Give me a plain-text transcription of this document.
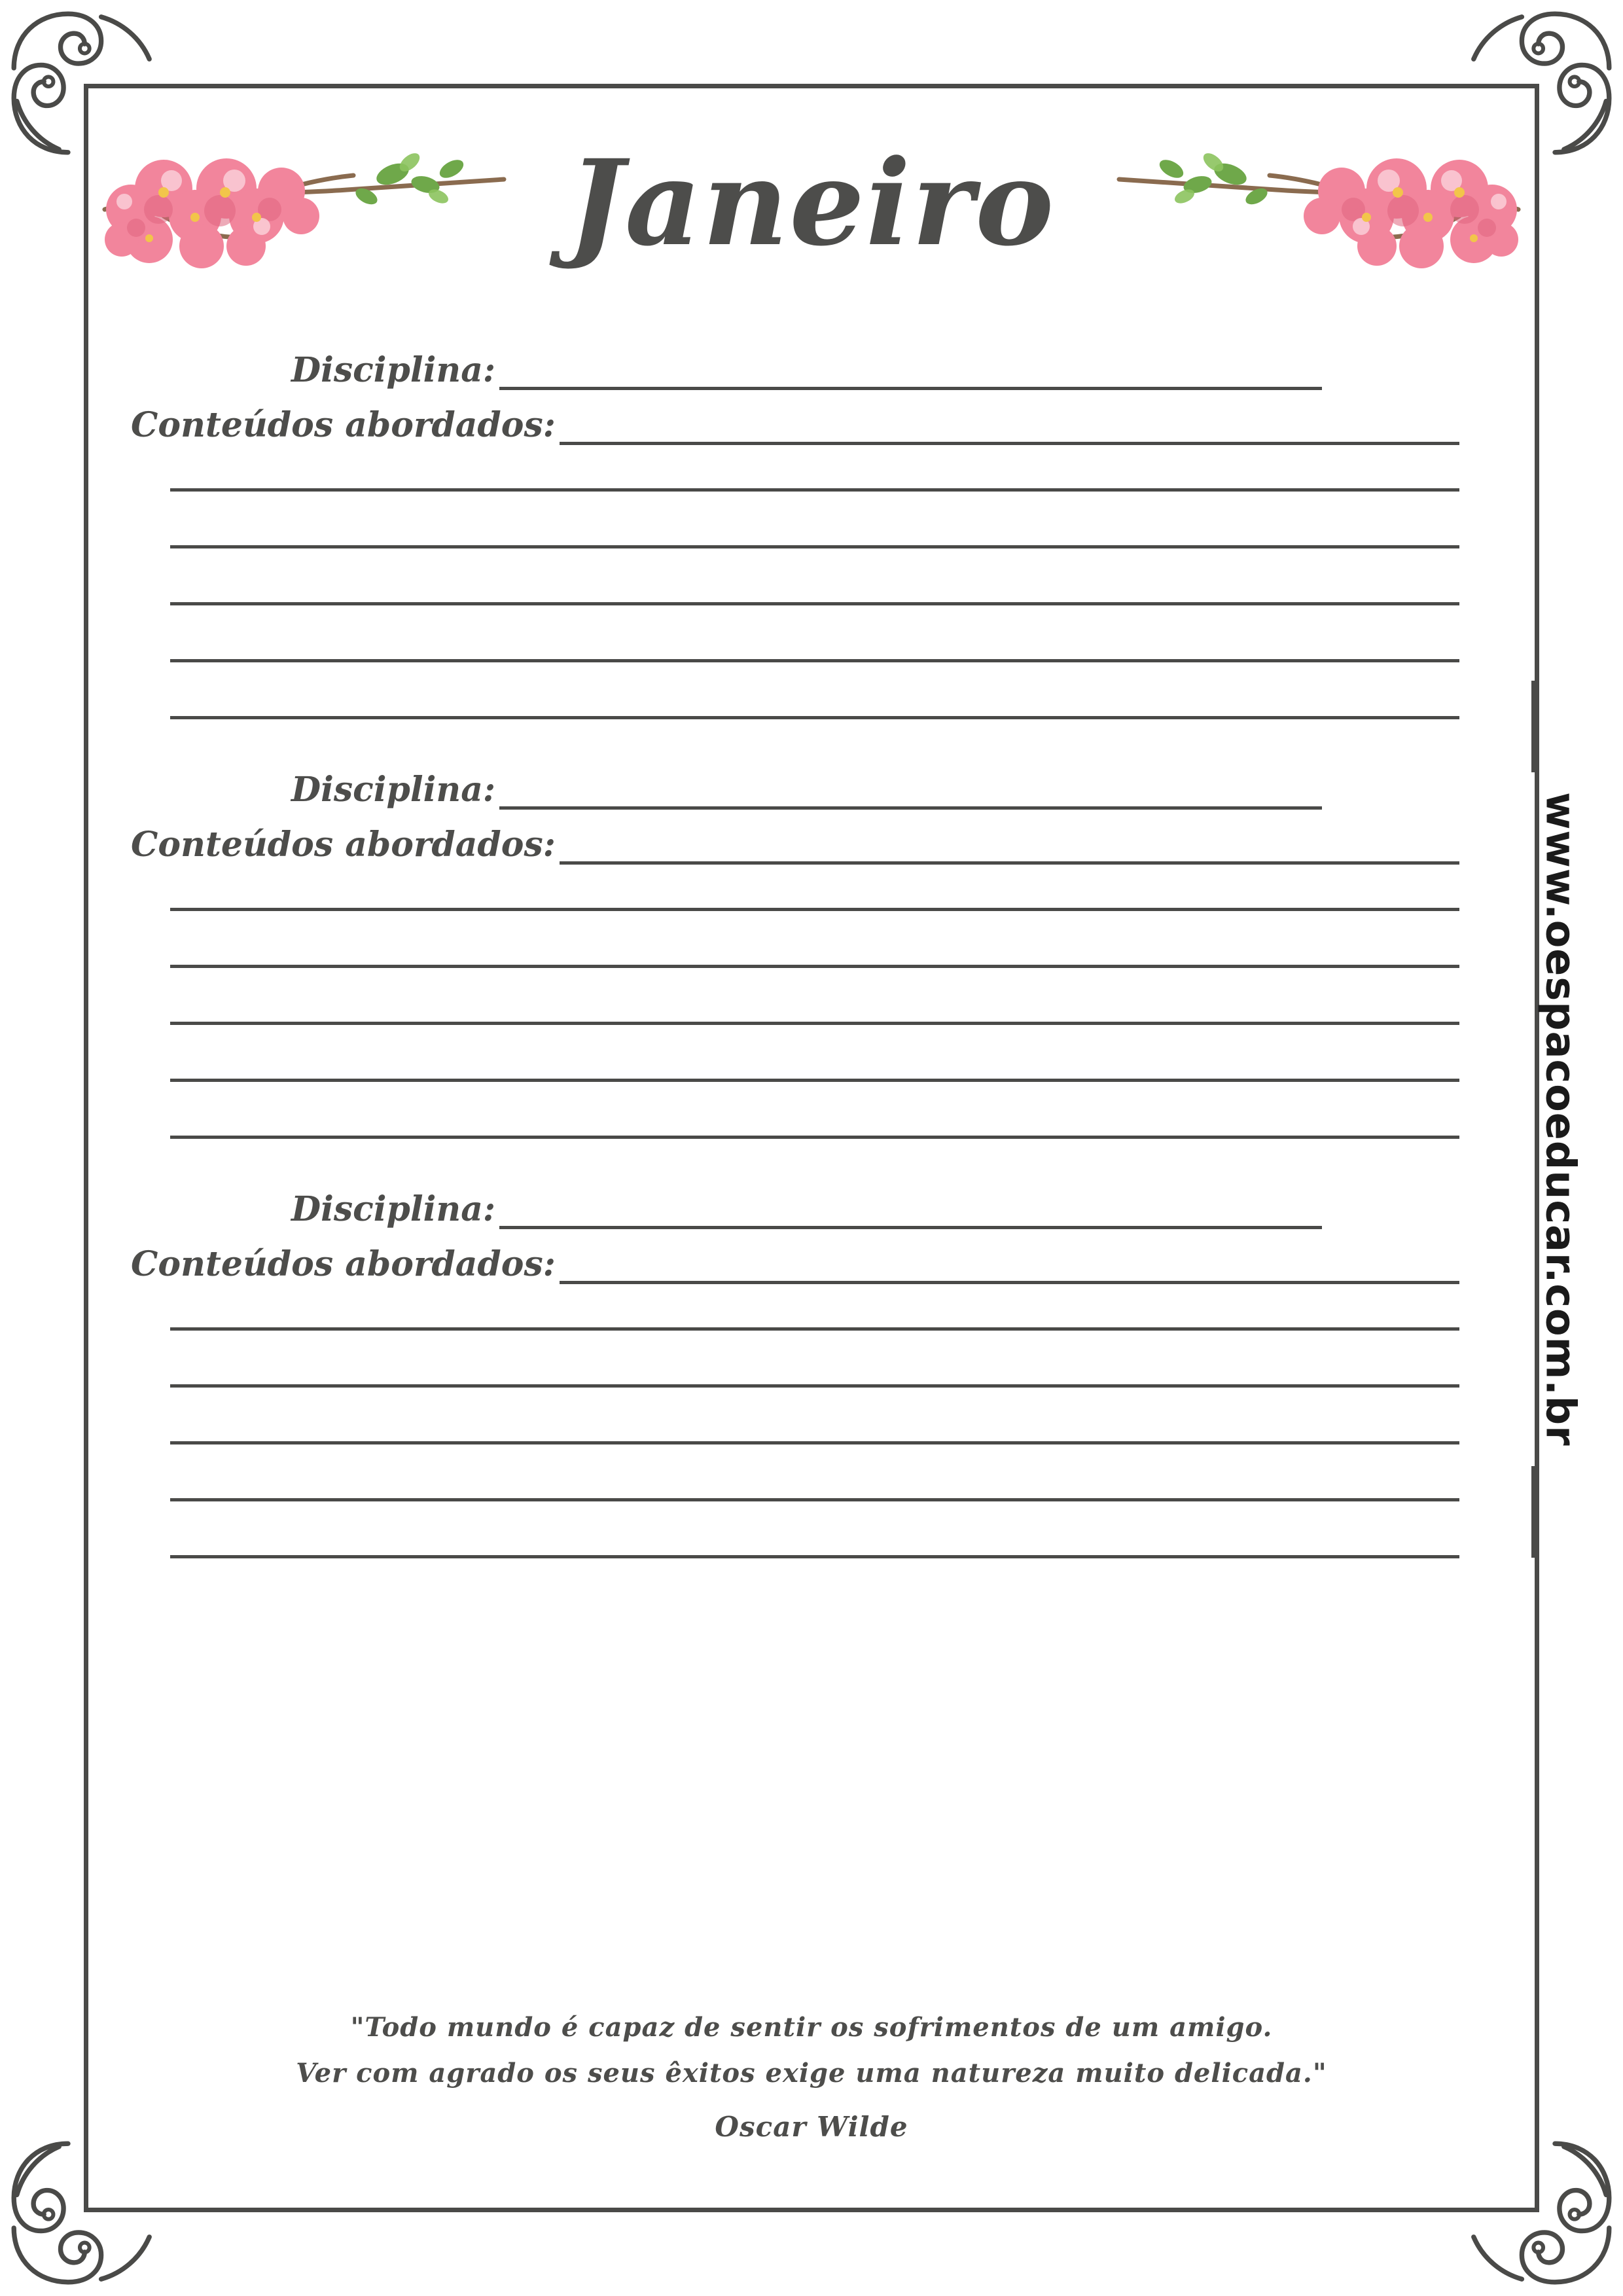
Janeiro
Disciplina:
Conteúdos abordados:
Disciplina:
Conteúdos abordados:
Disciplina:
Conteúdos abordados:
"Todo mundo é capaz de sentir os sofrimentos de um amigo.
Ver com agrado os seus êxitos exige uma natureza muito delicada."
Oscar Wilde
www.oespacoeducar.com.br
